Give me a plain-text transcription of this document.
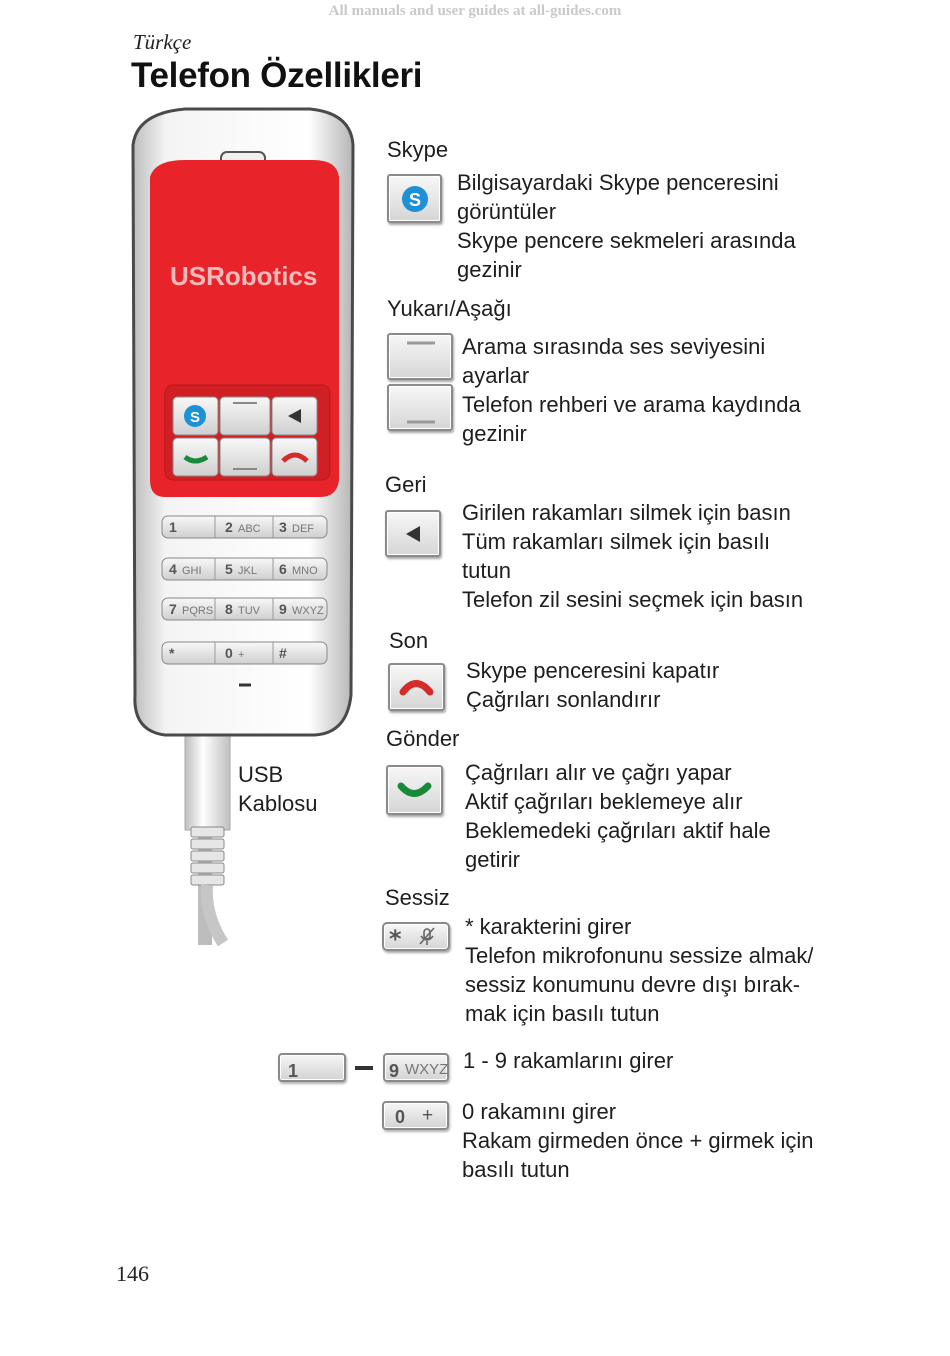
All manuals and user guides at all-guides.com
Türkçe
Telefon Özellikleri
USRobotics
S
1	2 ABC 3 DEF
4 GHI 5 JKL 6 MNO
7 PQRS 8 TUV 9 WXYZ
*	0 + #
USB
Kablosu
Skype
S
Bilgisayardaki Skype penceresini
görüntüler
Skype pencere sekmeleri arasında
gezinir
Yukarı/Aşağı
Arama sırasında ses seviyesini
ayarlar
Telefon rehberi ve arama kaydında
gezinir
Geri
Girilen rakamları silmek için basın
Tüm rakamları silmek için basılı
tutun
Telefon zil sesini seçmek için basın
Son
Skype penceresini kapatır
Çağrıları sonlandırır
Gönder
Çağrıları alır ve çağrı yapar
Aktif çağrıları beklemeye alır
Beklemedeki çağrıları aktif hale
getirir
Sessiz
*	* karakterini girer
Telefon mikrofonunu sessize almak/
sessiz konumunu devre dışı bırak-
mak için basılı tutun
1	9 WXYZ 1 - 9 rakamlarını girer
0 + 0 rakamını girer
Rakam girmeden önce + girmek için
basılı tutun
146
